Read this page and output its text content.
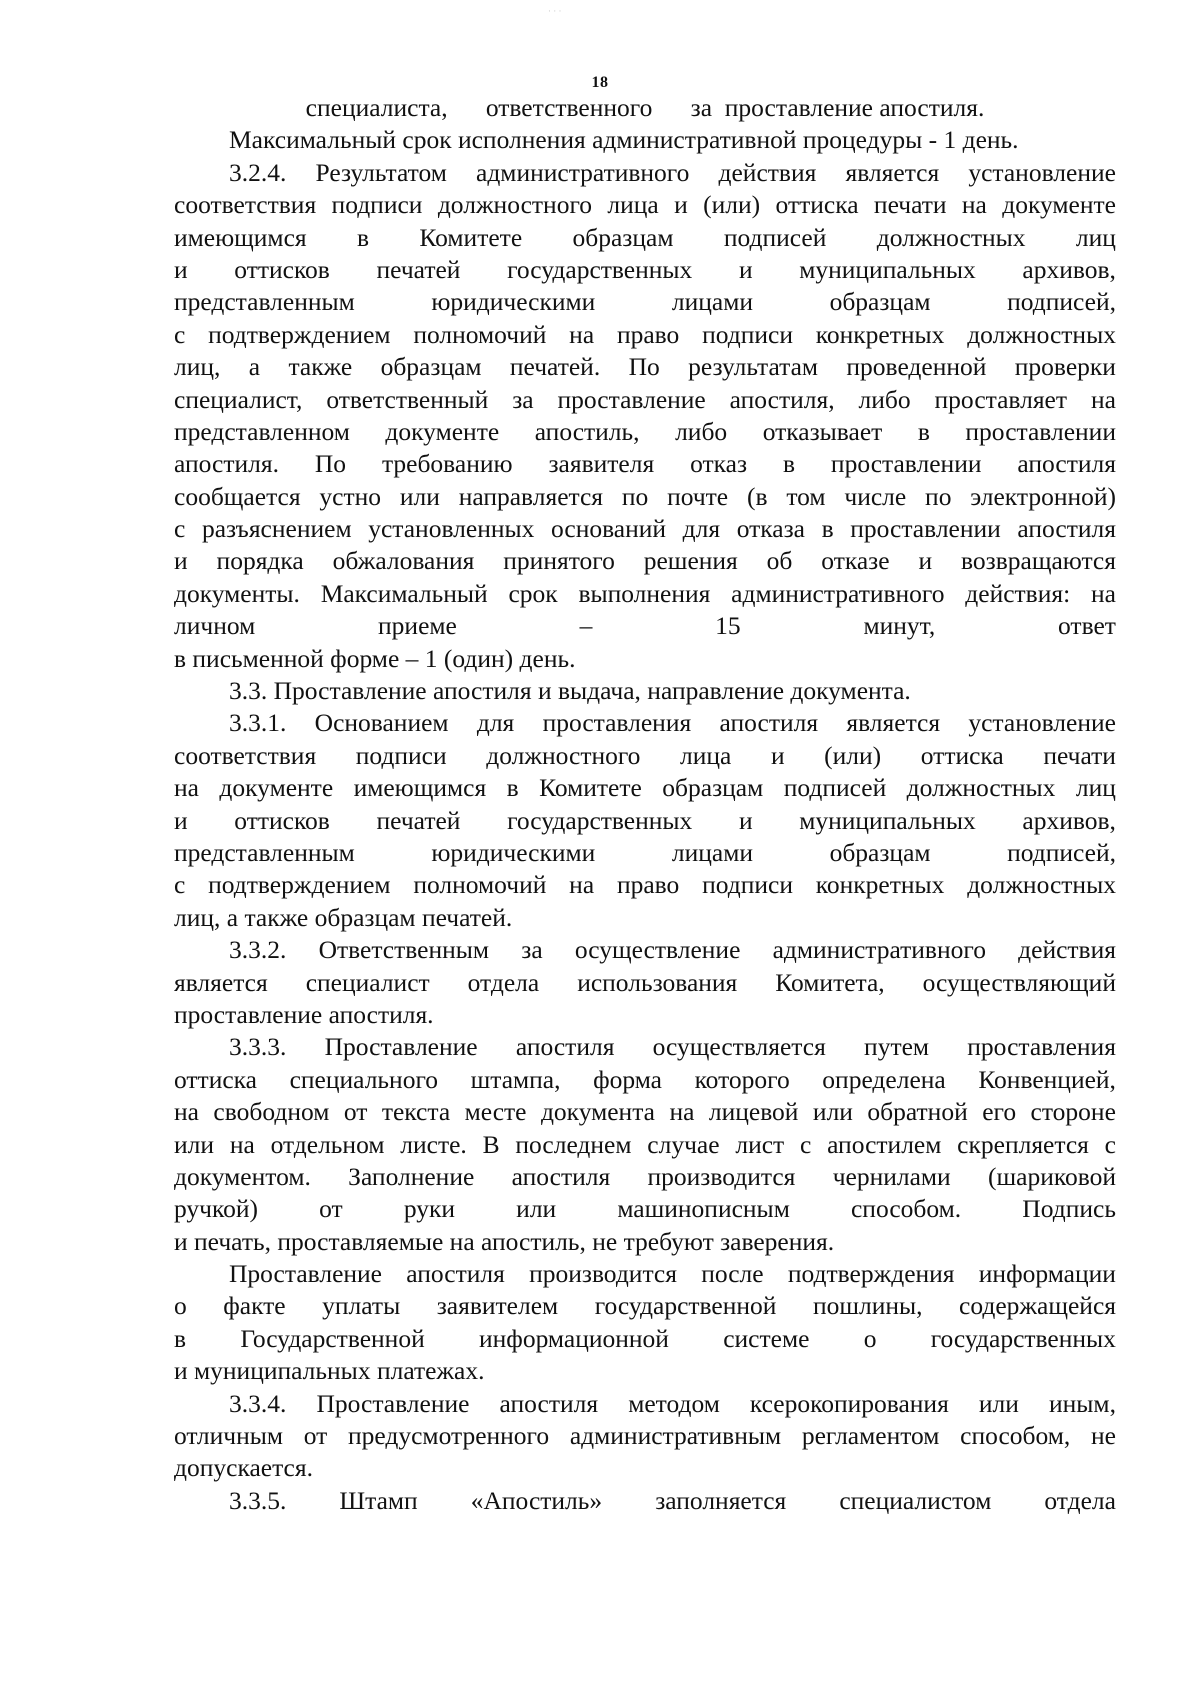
· · ·
18
специалиста,      ответственного      за  проставление апостиля.
Максимальный срок исполнения административной процедуры - 1 день.
3.2.4. Результатом административного действия является установление
соответствия подписи должностного лица и (или) оттиска печати на документе
имеющимся в Комитете образцам подписей должностных лиц
и оттисков печатей государственных и муниципальных архивов,
представленным	юридическими	лицами	образцам	подписей,
с подтверждением полномочий на право подписи конкретных должностных
лиц, а также образцам печатей. По результатам проведенной проверки
специалист, ответственный за проставление апостиля, либо проставляет на
представленном документе апостиль, либо отказывает в проставлении
апостиля. По требованию заявителя отказ в проставлении апостиля
сообщается устно или направляется по почте (в том числе по электронной)
с разъяснением установленных оснований для отказа в проставлении апостиля
и порядка обжалования принятого решения об отказе и возвращаются
документы. Максимальный срок выполнения административного действия: на
личном	приеме	–	15	минут,	ответ
в письменной форме – 1 (один) день.
3.3. Проставление апостиля и выдача, направление документа.
3.3.1. Основанием для проставления апостиля является установление
соответствия подписи должностного лица и (или) оттиска печати
на документе имеющимся в Комитете образцам подписей должностных лиц
и оттисков печатей государственных и муниципальных архивов,
представленным	юридическими	лицами	образцам	подписей,
с подтверждением полномочий на право подписи конкретных должностных
лиц, а также образцам печатей.
3.3.2. Ответственным за осуществление административного действия
является специалист отдела использования Комитета, осуществляющий
проставление апостиля.
3.3.3. Проставление апостиля осуществляется путем проставления
оттиска специального штампа, форма которого определена Конвенцией,
на свободном от текста месте документа на лицевой или обратной его стороне
или на отдельном листе. В последнем случае лист с апостилем скрепляется с
документом. Заполнение апостиля производится чернилами (шариковой
ручкой) от руки или машинописным способом. Подпись
и печать, проставляемые на апостиль, не требуют заверения.
Проставление апостиля производится после подтверждения информации
о факте уплаты заявителем государственной пошлины, содержащейся
в Государственной информационной системе о государственных
и муниципальных платежах.
3.3.4. Проставление апостиля методом ксерокопирования или иным,
отличным от предусмотренного административным регламентом способом, не
допускается.
3.3.5. Штамп «Апостиль» заполняется специалистом отдела
